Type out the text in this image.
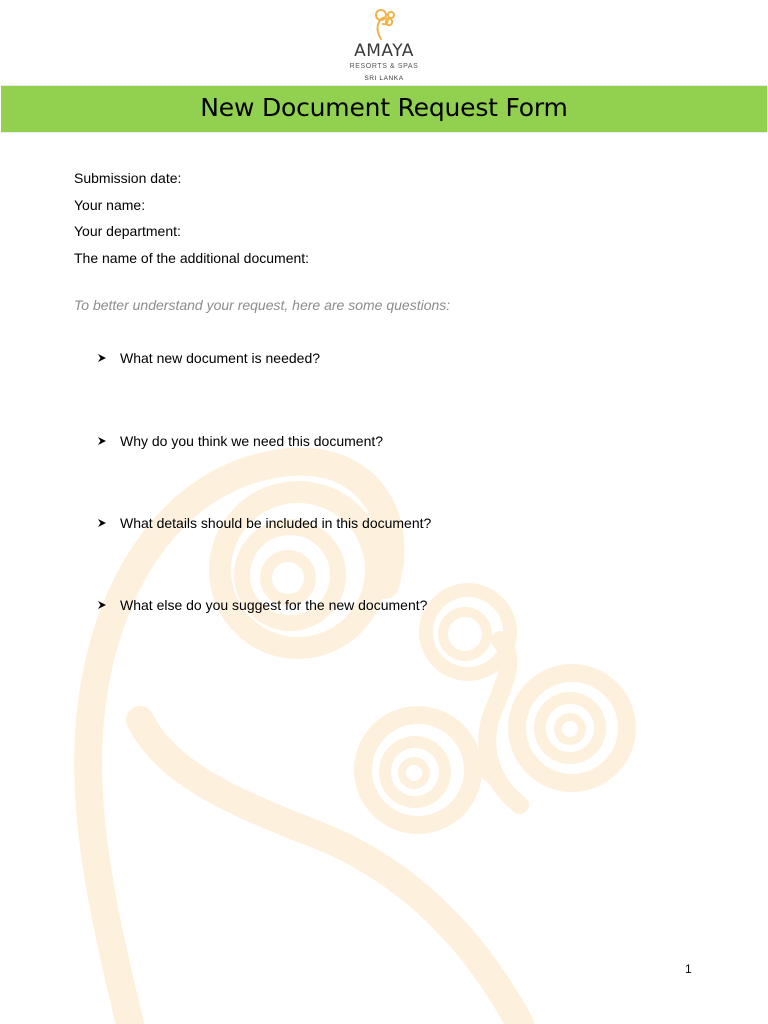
AMAYA
RESORTS & SPAS
SRI LANKA
New Document Request Form
Submission date:
Your name:
Your department:
The name of the additional document:
To better understand your request, here are some questions:
What new document is needed?
Why do you think we need this document?
What details should be included in this document?
What else do you suggest for the new document?
1
